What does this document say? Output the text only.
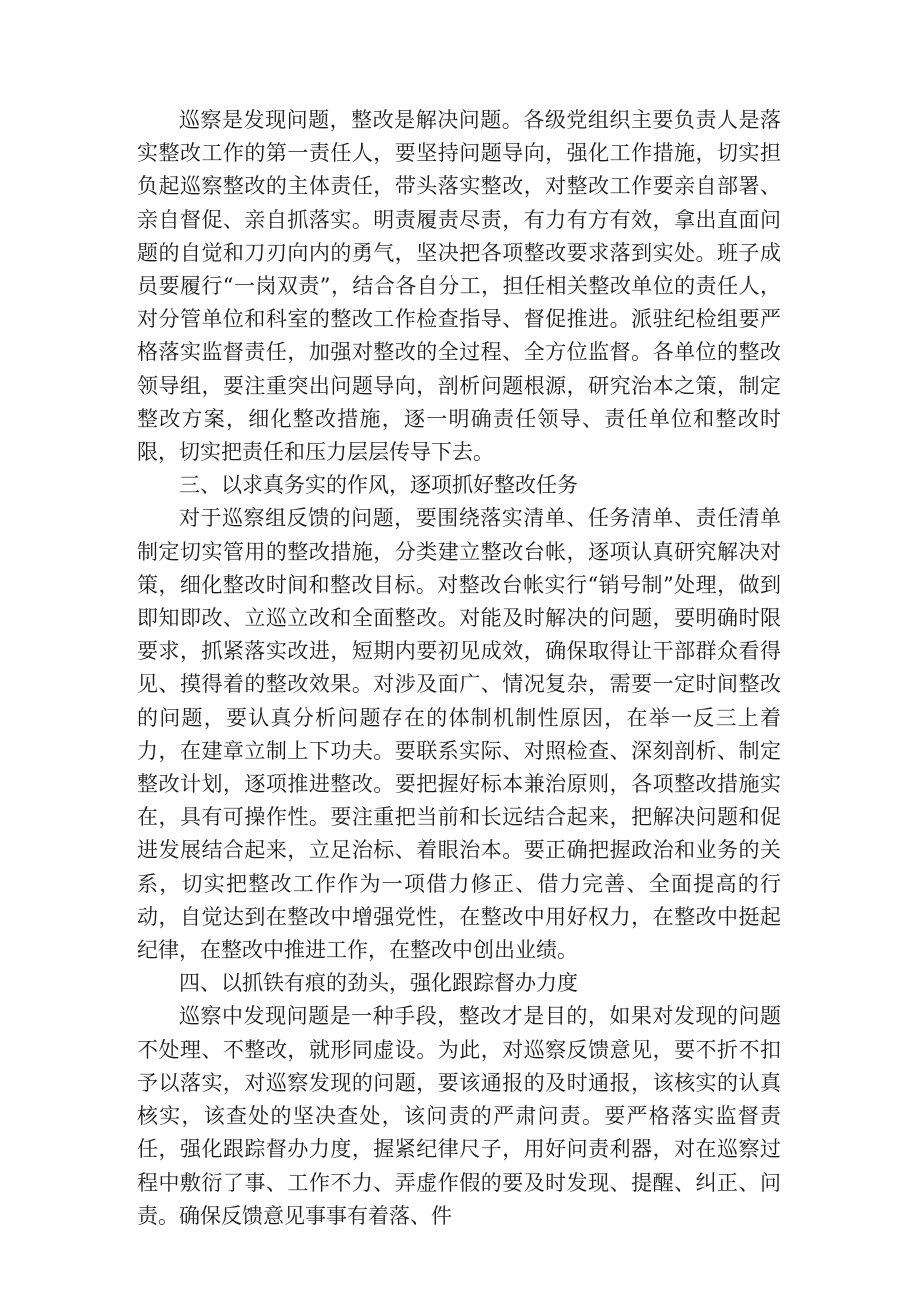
巡察是发现问题，整改是解决问题。各级党组织主要负责人是落实整改工作的第一责任人，要坚持问题导向，强化工作措施，切实担负起巡察整改的主体责任，带头落实整改，对整改工作要亲自部署、亲自督促、亲自抓落实。明责履责尽责，有力有方有效，拿出直面问题的自觉和刀刃向内的勇气，坚决把各项整改要求落到实处。班子成员要履行“一岗双责”，结合各自分工，担任相关整改单位的责任人，对分管单位和科室的整改工作检查指导、督促推进。派驻纪检组要严格落实监督责任，加强对整改的全过程、全方位监督。各单位的整改领导组，要注重突出问题导向，剖析问题根源，研究治本之策，制定整改方案，细化整改措施，逐一明确责任领导、责任单位和整改时限，切实把责任和压力层层传导下去。

三、以求真务实的作风，逐项抓好整改任务

对于巡察组反馈的问题，要围绕落实清单、任务清单、责任清单制定切实管用的整改措施，分类建立整改台帐，逐项认真研究解决对策，细化整改时间和整改目标。对整改台帐实行“销号制”处理，做到即知即改、立巡立改和全面整改。对能及时解决的问题，要明确时限要求，抓紧落实改进，短期内要初见成效，确保取得让干部群众看得见、摸得着的整改效果。对涉及面广、情况复杂，需要一定时间整改的问题，要认真分析问题存在的体制机制性原因，在举一反三上着力，在建章立制上下功夫。要联系实际、对照检查、深刻剖析、制定整改计划，逐项推进整改。要把握好标本兼治原则，各项整改措施实在，具有可操作性。要注重把当前和长远结合起来，把解决问题和促进发展结合起来，立足治标、着眼治本。要正确把握政治和业务的关系，切实把整改工作作为一项借力修正、借力完善、全面提高的行动，自觉达到在整改中增强党性，在整改中用好权力，在整改中挺起纪律，在整改中推进工作，在整改中创出业绩。

四、以抓铁有痕的劲头，强化跟踪督办力度

巡察中发现问题是一种手段，整改才是目的，如果对发现的问题不处理、不整改，就形同虚设。为此，对巡察反馈意见，要不折不扣予以落实，对巡察发现的问题，要该通报的及时通报，该核实的认真核实，该查处的坚决查处，该问责的严肃问责。要严格落实监督责任，强化跟踪督办力度，握紧纪律尺子，用好问责利器，对在巡察过程中敷衍了事、工作不力、弄虚作假的要及时发现、提醒、纠正、问责。确保反馈意见事事有着落、件
